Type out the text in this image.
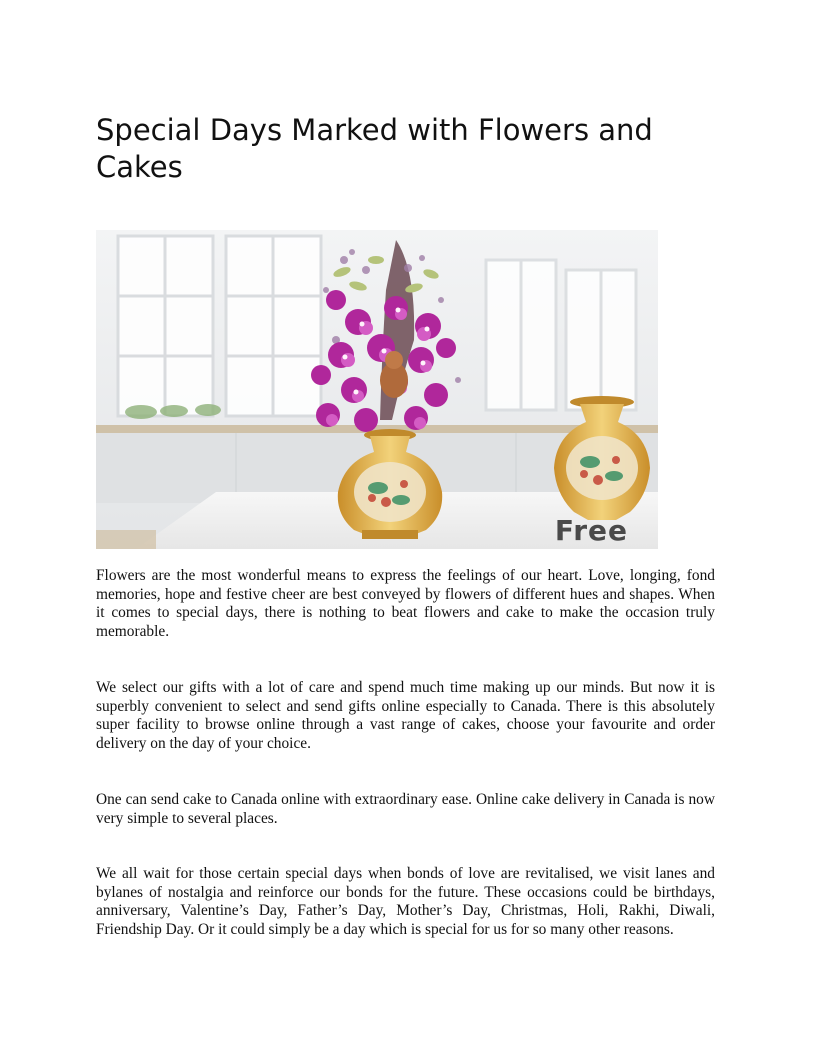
Special Days Marked with Flowers and Cakes
Free

Flowers are the most wonderful means to express the feelings of our heart. Love, longing, fond memories, hope and festive cheer are best conveyed by flowers of different hues and shapes. When it comes to special days, there is nothing to beat flowers and cake to make the occasion truly memorable.

We select our gifts with a lot of care and spend much time making up our minds. But now it is superbly convenient to select and send gifts online especially to Canada. There is this absolutely super facility to browse online through a vast range of cakes, choose your favourite and order delivery on the day of your choice.

One can send cake to Canada online with extraordinary ease. Online cake delivery in Canada is now very simple to several places.

We all wait for those certain special days when bonds of love are revitalised, we visit lanes and bylanes of nostalgia and reinforce our bonds for the future. These occasions could be birthdays, anniversary, Valentine’s Day, Father’s Day, Mother’s Day, Christmas, Holi, Rakhi, Diwali, Friendship Day. Or it could simply be a day which is special for us for so many other reasons.
